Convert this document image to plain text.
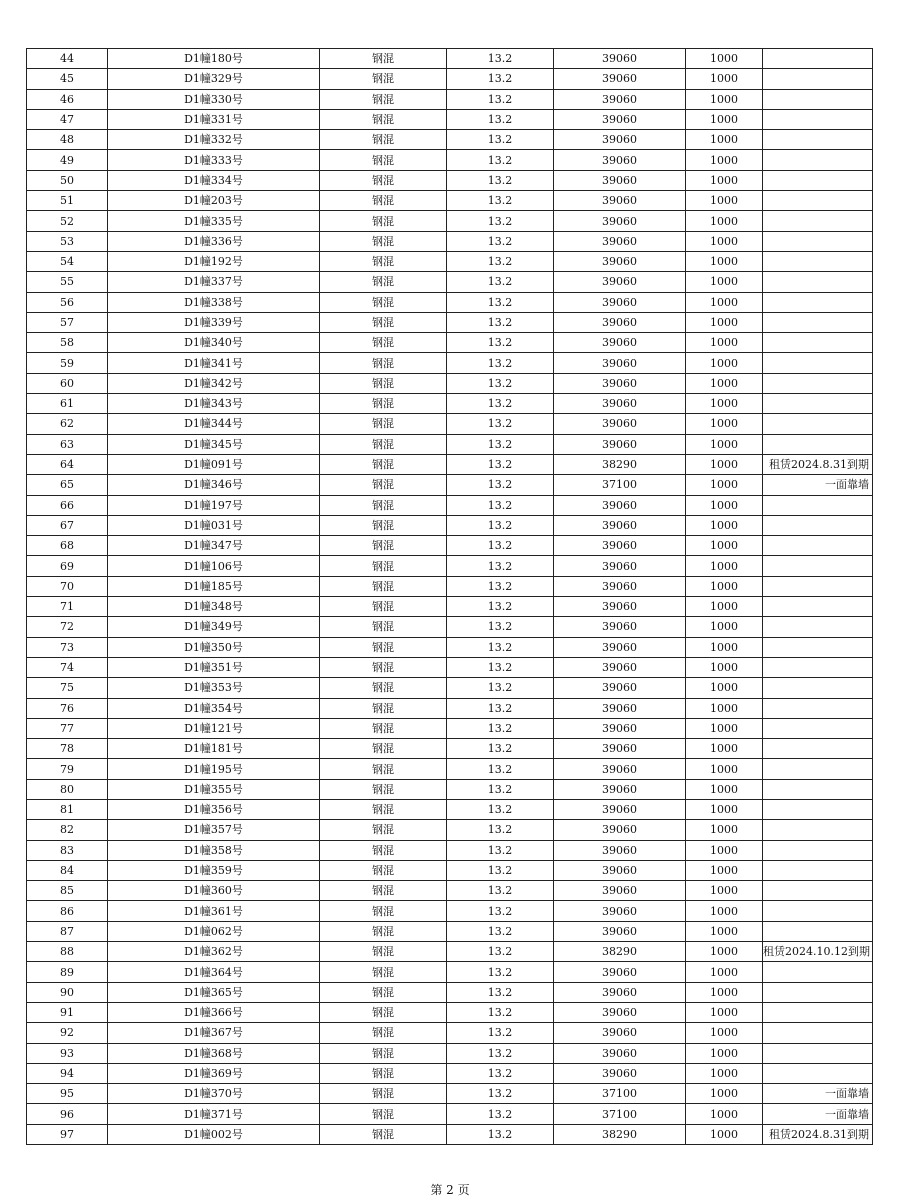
44	D1幢180号	钢混	13.2	39060	1000	
45	D1幢329号	钢混	13.2	39060	1000	
46	D1幢330号	钢混	13.2	39060	1000	
47	D1幢331号	钢混	13.2	39060	1000	
48	D1幢332号	钢混	13.2	39060	1000	
49	D1幢333号	钢混	13.2	39060	1000	
50	D1幢334号	钢混	13.2	39060	1000	
51	D1幢203号	钢混	13.2	39060	1000	
52	D1幢335号	钢混	13.2	39060	1000	
53	D1幢336号	钢混	13.2	39060	1000	
54	D1幢192号	钢混	13.2	39060	1000	
55	D1幢337号	钢混	13.2	39060	1000	
56	D1幢338号	钢混	13.2	39060	1000	
57	D1幢339号	钢混	13.2	39060	1000	
58	D1幢340号	钢混	13.2	39060	1000	
59	D1幢341号	钢混	13.2	39060	1000	
60	D1幢342号	钢混	13.2	39060	1000	
61	D1幢343号	钢混	13.2	39060	1000	
62	D1幢344号	钢混	13.2	39060	1000	
63	D1幢345号	钢混	13.2	39060	1000	
64	D1幢091号	钢混	13.2	38290	1000	租赁2024.8.31到期
65	D1幢346号	钢混	13.2	37100	1000	一面靠墙
66	D1幢197号	钢混	13.2	39060	1000	
67	D1幢031号	钢混	13.2	39060	1000	
68	D1幢347号	钢混	13.2	39060	1000	
69	D1幢106号	钢混	13.2	39060	1000	
70	D1幢185号	钢混	13.2	39060	1000	
71	D1幢348号	钢混	13.2	39060	1000	
72	D1幢349号	钢混	13.2	39060	1000	
73	D1幢350号	钢混	13.2	39060	1000	
74	D1幢351号	钢混	13.2	39060	1000	
75	D1幢353号	钢混	13.2	39060	1000	
76	D1幢354号	钢混	13.2	39060	1000	
77	D1幢121号	钢混	13.2	39060	1000	
78	D1幢181号	钢混	13.2	39060	1000	
79	D1幢195号	钢混	13.2	39060	1000	
80	D1幢355号	钢混	13.2	39060	1000	
81	D1幢356号	钢混	13.2	39060	1000	
82	D1幢357号	钢混	13.2	39060	1000	
83	D1幢358号	钢混	13.2	39060	1000	
84	D1幢359号	钢混	13.2	39060	1000	
85	D1幢360号	钢混	13.2	39060	1000	
86	D1幢361号	钢混	13.2	39060	1000	
87	D1幢062号	钢混	13.2	39060	1000	
88	D1幢362号	钢混	13.2	38290	1000	租赁2024.10.12到期
89	D1幢364号	钢混	13.2	39060	1000	
90	D1幢365号	钢混	13.2	39060	1000	
91	D1幢366号	钢混	13.2	39060	1000	
92	D1幢367号	钢混	13.2	39060	1000	
93	D1幢368号	钢混	13.2	39060	1000	
94	D1幢369号	钢混	13.2	39060	1000	
95	D1幢370号	钢混	13.2	37100	1000	一面靠墙
96	D1幢371号	钢混	13.2	37100	1000	一面靠墙
97	D1幢002号	钢混	13.2	38290	1000	租赁2024.8.31到期
第 2 页
